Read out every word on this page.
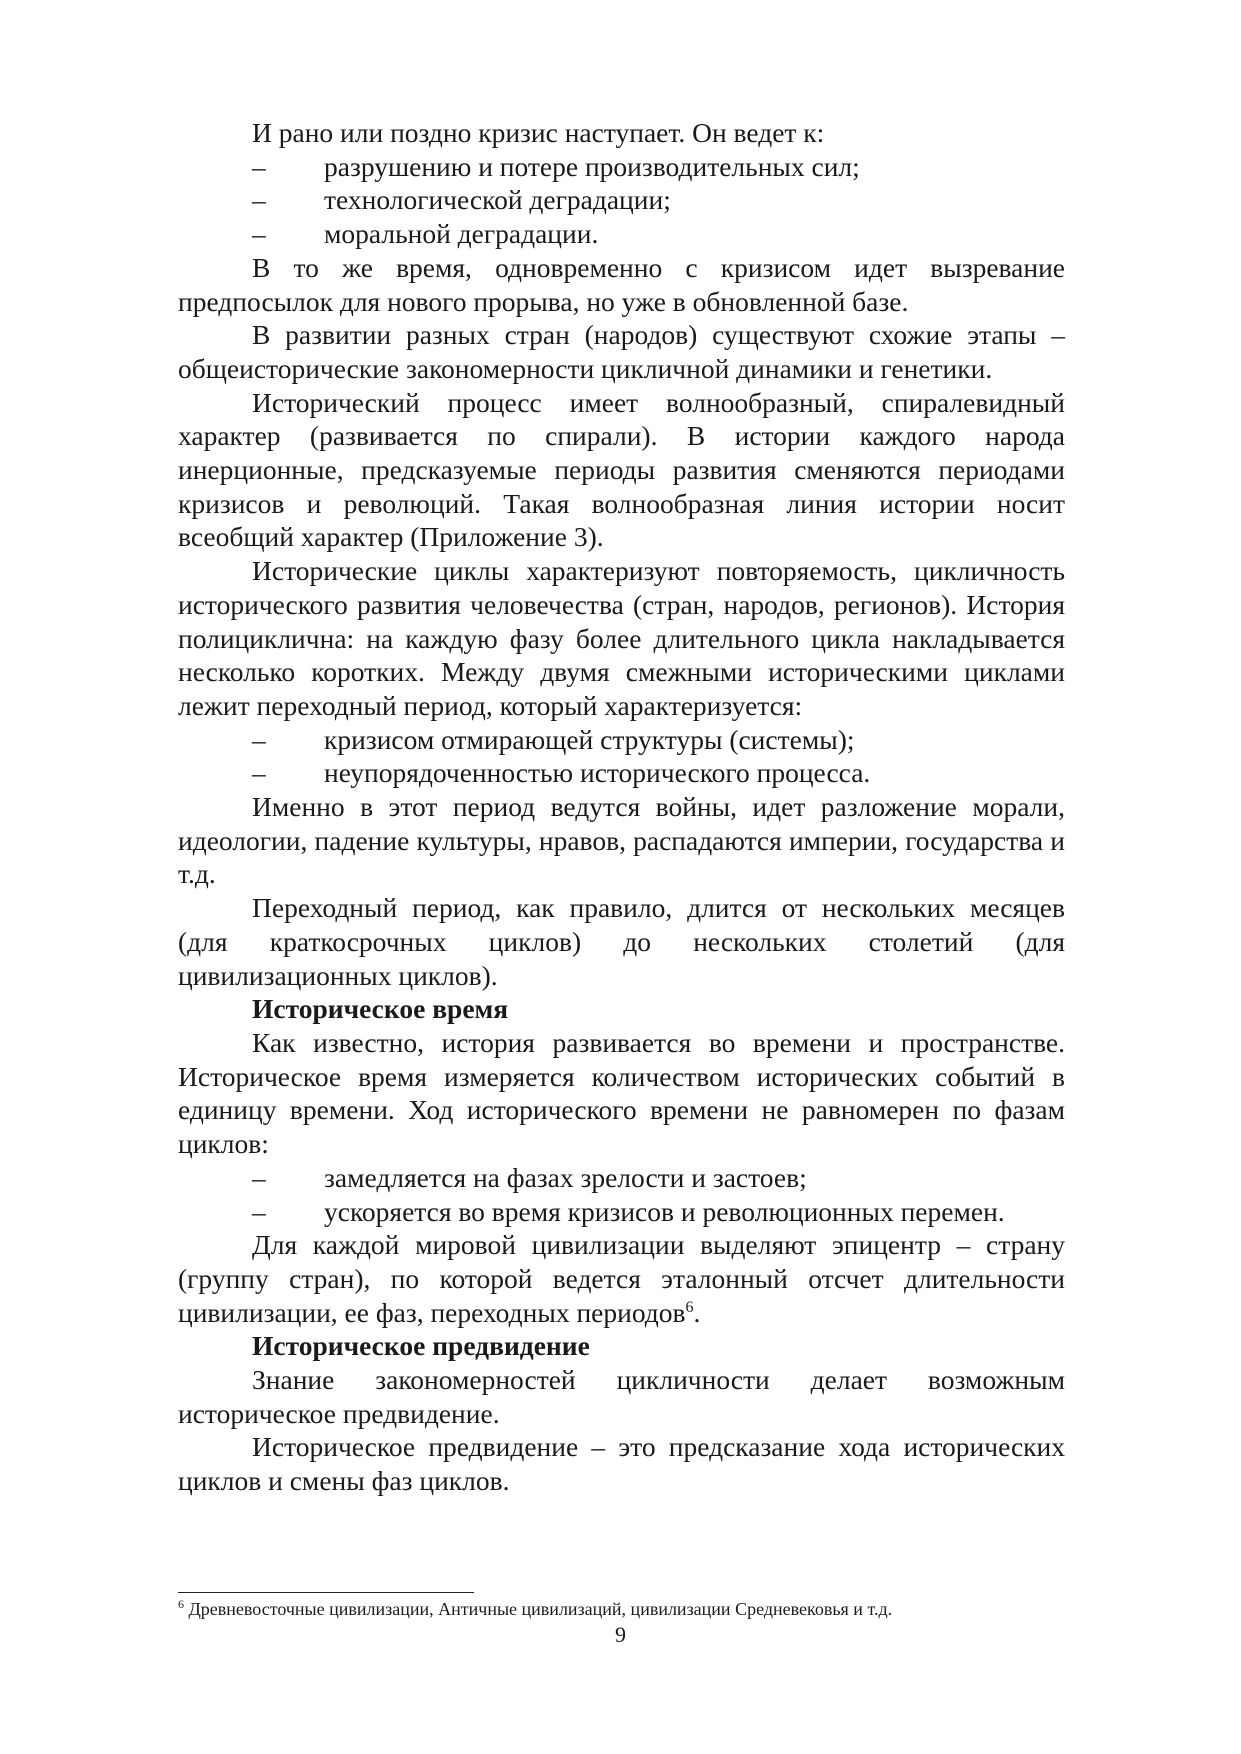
И рано или поздно кризис наступает. Он ведет к:

– разрушению и потере производительных сил;

– технологической деградации;

– моральной деградации.

В то же время, одновременно с кризисом идет вызревание предпосылок для нового прорыва, но уже в обновленной базе.

В развитии разных стран (народов) существуют схожие этапы – общеисторические закономерности цикличной динамики и генетики.

Исторический процесс имеет волнообразный, спиралевидный характер (развивается по спирали). В истории каждого народа инерционные, предсказуемые периоды развития сменяются периодами кризисов и революций. Такая волнообразная линия истории носит всеобщий характер (Приложение 3).

Исторические циклы характеризуют повторяемость, цикличность исторического развития человечества (стран, народов, регионов). История полициклична: на каждую фазу более длительного цикла накладывается несколько коротких. Между двумя смежными историческими циклами лежит переходный период, который характеризуется:

– кризисом отмирающей структуры (системы);

– неупорядоченностью исторического процесса.

Именно в этот период ведутся войны, идет разложение морали, идеологии, падение культуры, нравов, распадаются империи, государства и т.д.

Переходный период, как правило, длится от нескольких месяцев (для краткосрочных циклов) до нескольких столетий (для цивилизационных циклов).

Историческое время

Как известно, история развивается во времени и пространстве. Историческое время измеряется количеством исторических событий в единицу времени. Ход исторического времени не равномерен по фазам циклов:

– замедляется на фазах зрелости и застоев;

– ускоряется во время кризисов и революционных перемен.

Для каждой мировой цивилизации выделяют эпицентр – страну (группу стран), по которой ведется эталонный отсчет длительности цивилизации, ее фаз, переходных периодов$^6$.

Историческое предвидение

Знание закономерностей цикличности делает возможным историческое предвидение.

Историческое предвидение – это предсказание хода исторических циклов и смены фаз циклов.

$^6$ Древневосточные цивилизации, Античные цивилизаций, цивилизации Средневековья и т.д.
9
